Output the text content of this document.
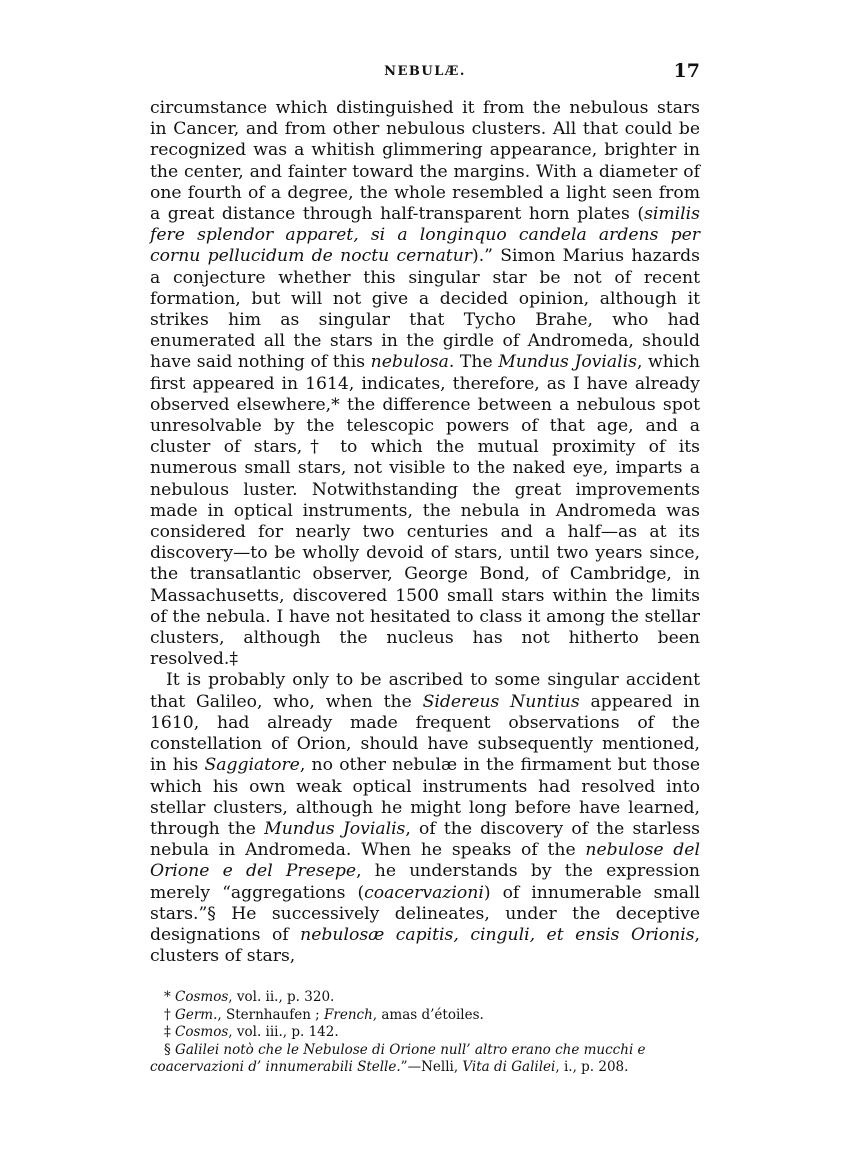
NEBULÆ.	17

circumstance which distinguished it from the nebulous stars in Cancer, and from other nebulous clusters. All that could be recognized was a whitish glimmering appearance, brighter in the center, and fainter toward the margins. With a diameter of one fourth of a degree, the whole resembled a light seen from a great distance through half-transparent horn plates (similis fere splendor apparet, si a longinquo candela ardens per cornu pellucidum de noctu cernatur).” Simon Marius hazards a conjecture whether this singular star be not of recent formation, but will not give a decided opinion, although it strikes him as singular that Tycho Brahe, who had enumerated all the stars in the girdle of Andromeda, should have said nothing of this nebulosa. The Mundus Jovialis, which first appeared in 1614, indicates, therefore, as I have already observed elsewhere,* the difference between a nebulous spot unresolvable by the telescopic powers of that age, and a cluster of stars,† to which the mutual proximity of its numerous small stars, not visible to the naked eye, imparts a nebulous luster. Notwithstanding the great improvements made in optical instruments, the nebula in Andromeda was considered for nearly two centuries and a half—as at its discovery—to be wholly devoid of stars, until two years since, the transatlantic observer, George Bond, of Cambridge, in Massachusetts, discovered 1500 small stars within the limits of the nebula. I have not hesitated to class it among the stellar clusters, although the nucleus has not hitherto been resolved.‡

It is probably only to be ascribed to some singular accident that Galileo, who, when the Sidereus Nuntius appeared in 1610, had already made frequent observations of the constellation of Orion, should have subsequently mentioned, in his Saggiatore, no other nebulæ in the firmament but those which his own weak optical instruments had resolved into stellar clusters, although he might long before have learned, through the Mundus Jovialis, of the discovery of the starless nebula in Andromeda. When he speaks of the nebulose del Orione e del Presepe, he understands by the expression merely “aggregations (coacervazioni) of innumerable small stars.”§ He successively delineates, under the deceptive designations of nebulosæ capitis, cinguli, et ensis Orionis, clusters of stars,

* Cosmos, vol. ii., p. 320.

† Germ., Sternhaufen ; French, amas d’étoiles.

‡ Cosmos, vol. iii., p. 142.

§ Galilei notò che le Nebulose di Orione null’ altro erano che mucchi e coacervazioni d’ innumerabili Stelle.”—Nelli, Vita di Galilei, i., p. 208.
